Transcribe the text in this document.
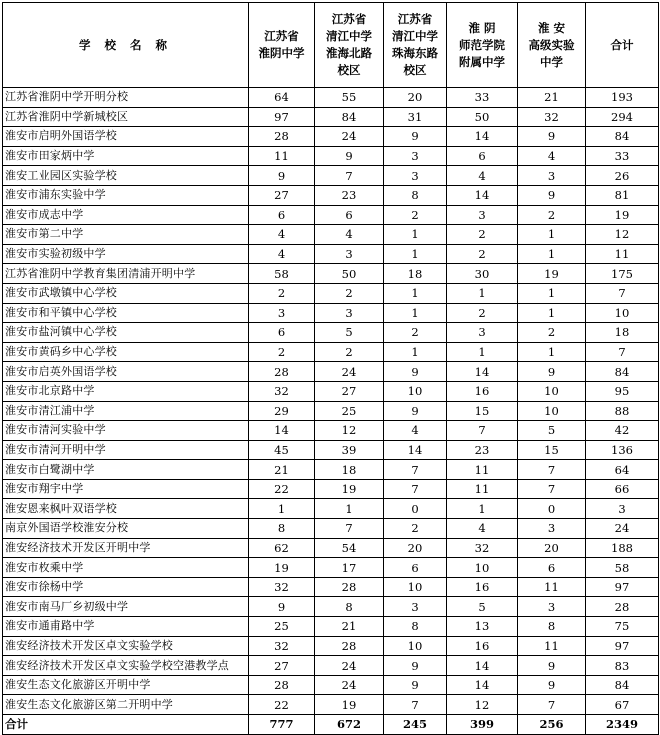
学 校 名 称	江苏省
淮阴中学	江苏省
清江中学
淮海北路
校区	江苏省
清江中学
珠海东路
校区	淮 阴
师范学院
附属中学	淮 安
高级实验
中学	合计

江苏省淮阴中学开明分校	64	55	20	33	21	193
江苏省淮阴中学新城校区	97	84	31	50	32	294
淮安市启明外国语学校	28	24	9	14	9	84
淮安市田家炳中学	11	9	3	6	4	33
淮安工业园区实验学校	9	7	3	4	3	26
淮安市浦东实验中学	27	23	8	14	9	81
淮安市成志中学	6	6	2	3	2	19
淮安市第二中学	4	4	1	2	1	12
淮安市实验初级中学	4	3	1	2	1	11
江苏省淮阴中学教育集团清浦开明中学	58	50	18	30	19	175
淮安市武墩镇中心学校	2	2	1	1	1	7
淮安市和平镇中心学校	3	3	1	2	1	10
淮安市盐河镇中心学校	6	5	2	3	2	18
淮安市黄码乡中心学校	2	2	1	1	1	7
淮安市启英外国语学校	28	24	9	14	9	84
淮安市北京路中学	32	27	10	16	10	95
淮安市清江浦中学	29	25	9	15	10	88
淮安市清河实验中学	14	12	4	7	5	42
淮安市清河开明中学	45	39	14	23	15	136
淮安市白鹭湖中学	21	18	7	11	7	64
淮安市翔宇中学	22	19	7	11	7	66
淮安恩来枫叶双语学校	1	1	0	1	0	3
南京外国语学校淮安分校	8	7	2	4	3	24
淮安经济技术开发区开明中学	62	54	20	32	20	188
淮安市枚乘中学	19	17	6	10	6	58
淮安市徐杨中学	32	28	10	16	11	97
淮安市南马厂乡初级中学	9	8	3	5	3	28
淮安市通甫路中学	25	21	8	13	8	75
淮安经济技术开发区卓文实验学校	32	28	10	16	11	97
淮安经济技术开发区卓文实验学校空港教学点	27	24	9	14	9	83
淮安生态文化旅游区开明中学	28	24	9	14	9	84
淮安生态文化旅游区第二开明中学	22	19	7	12	7	67
合计	777	672	245	399	256	2349
